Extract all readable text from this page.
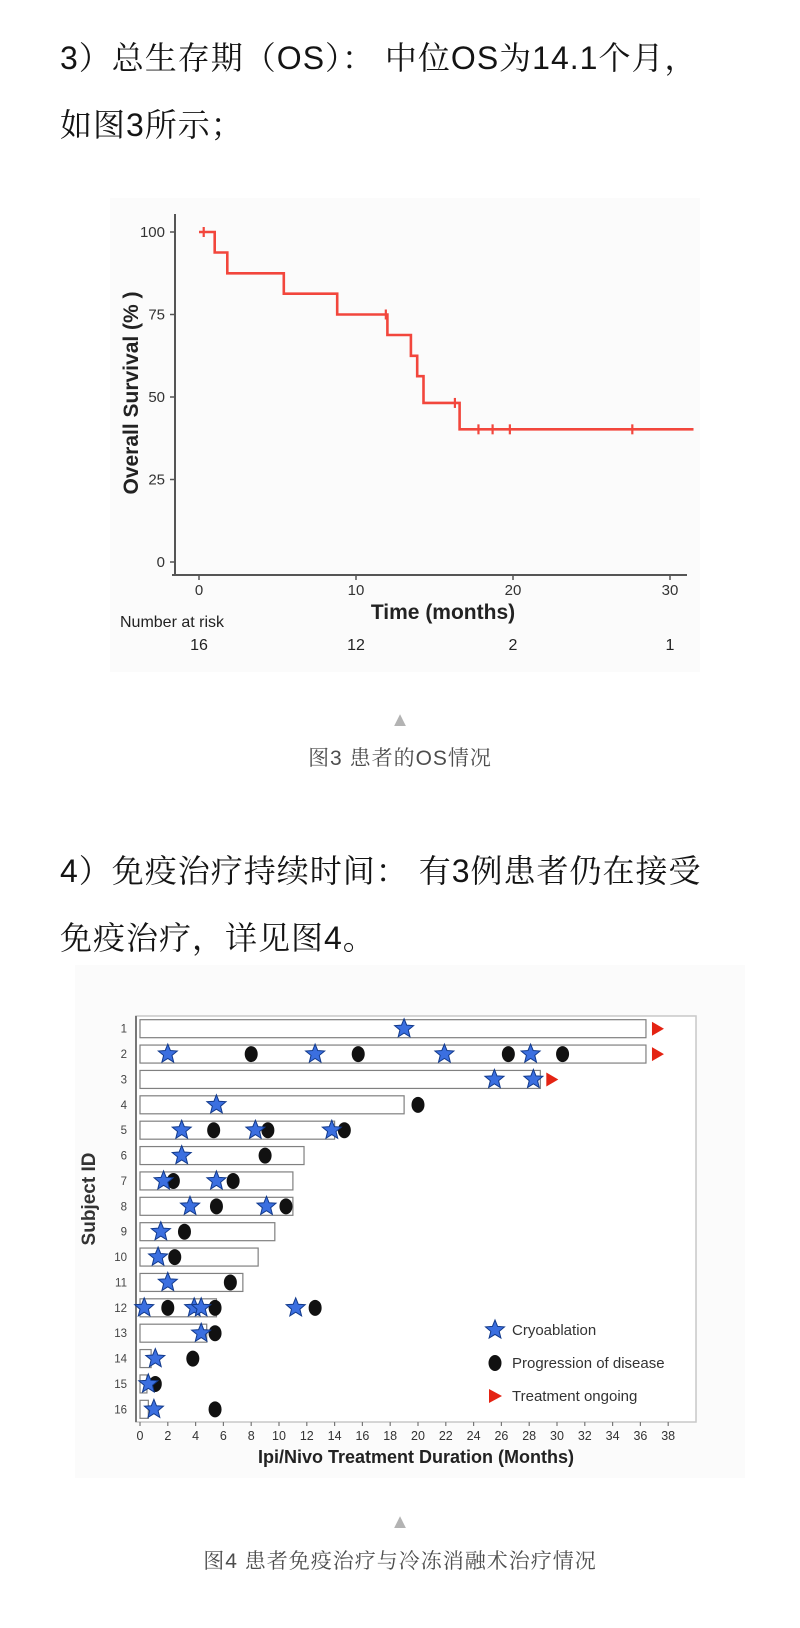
3）总生存期（OS）： 中位OS为14.1个月，
如图3所示；
0
25
50
75
100
0	10	20	30
Time (months)
Overall Survival (% )
Number at risk
16	12	2	1
▲
图3 患者的OS情况
4）免疫治疗持续时间： 有3例患者仍在接受
免疫治疗，详见图4。
0 2 4 6 8 10 12 14 16 18 20 22 24 26 28 30 32 34 36 38
Ipi/Nivo Treatment Duration (Months)
Subject ID
1
2
3
4
5
6
7
8
9
10
11
12
13
14
15
16
Cryoablation
Progression of disease
Treatment ongoing
▲
图4 患者免疫治疗与冷冻消融术治疗情况
